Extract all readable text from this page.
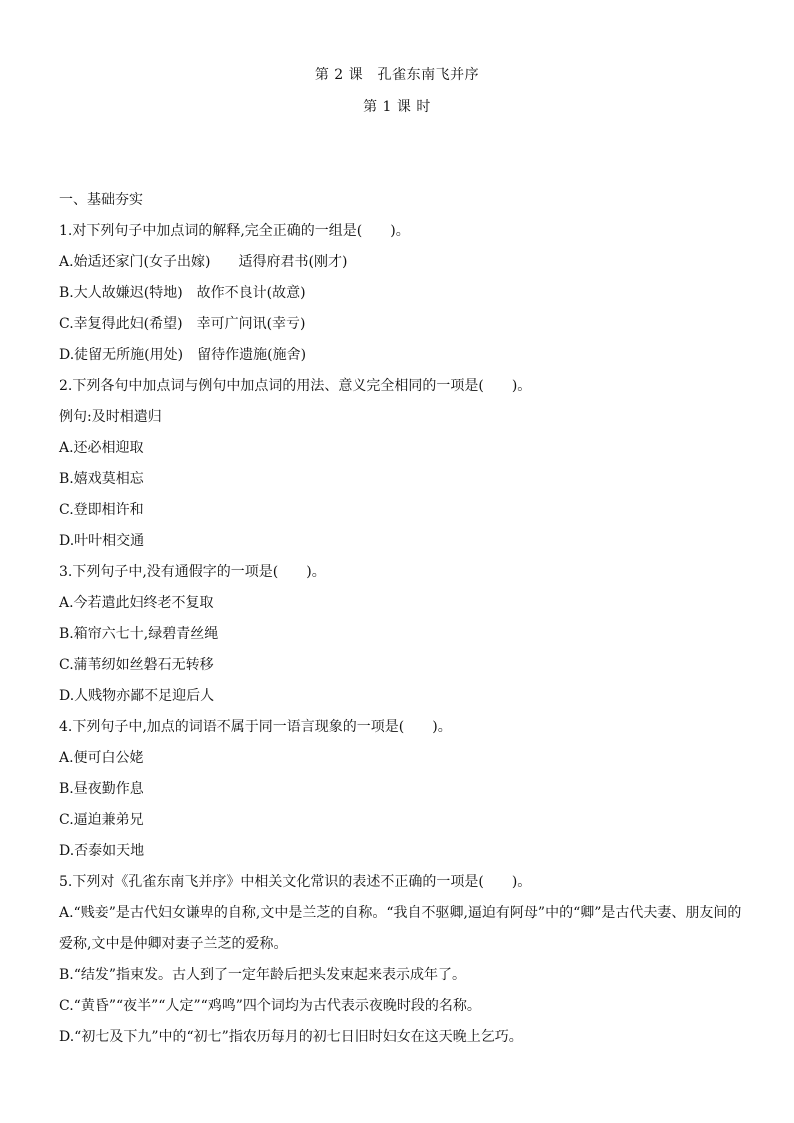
第 2 课　孔雀东南飞并序
第 1 课 时
一、基础夯实
1.对下列句子中加点词的解释,完全正确的一组是(　　)。
A.始适还家门(女子出嫁) 适得府君书(刚才)
B.大人故嫌迟(特地) 故作不良计(故意)
C.幸复得此妇(希望) 幸可广问讯(幸亏)
D.徒留无所施(用处) 留待作遗施(施舍)
2.下列各句中加点词与例句中加点词的用法、意义完全相同的一项是(　　)。
例句:及时相遣归
A.还必相迎取
B.嬉戏莫相忘
C.登即相许和
D.叶叶相交通
3.下列句子中,没有通假字的一项是(　　)。
A.今若遣此妇终老不复取
B.箱帘六七十,绿碧青丝绳
C.蒲苇纫如丝磐石无转移
D.人贱物亦鄙不足迎后人
4.下列句子中,加点的词语不属于同一语言现象的一项是(　　)。
A.便可白公姥
B.昼夜勤作息
C.逼迫兼弟兄
D.否泰如天地
5.下列对《孔雀东南飞并序》中相关文化常识的表述不正确的一项是(　　)。
A.“贱妾”是古代妇女谦卑的自称,文中是兰芝的自称。“我自不驱卿,逼迫有阿母”中的“卿”是古代夫妻、朋友间的爱称,文中是仲卿对妻子兰芝的爱称。
B.“结发”指束发。古人到了一定年龄后把头发束起来表示成年了。
C.“黄昏”“夜半”“人定”“鸡鸣”四个词均为古代表示夜晚时段的名称。
D.“初七及下九”中的“初七”指农历每月的初七日旧时妇女在这天晚上乞巧。
